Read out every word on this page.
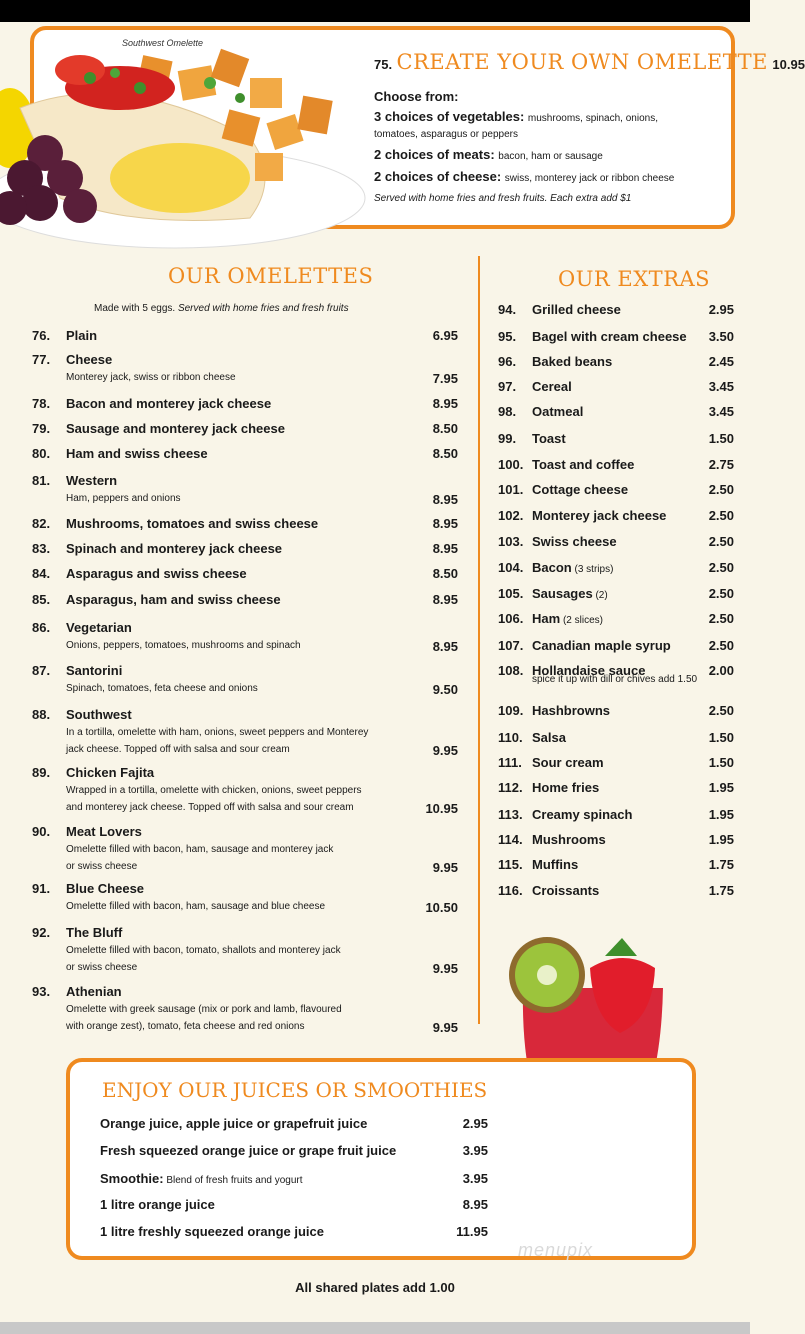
Southwest Omelette
75. CREATE YOUR OWN OMELETTE 10.95
Choose from:
3 choices of vegetables: mushrooms, spinach, onions,
tomatoes, asparagus or peppers
2 choices of meats: bacon, ham or sausage
2 choices of cheese: swiss, monterey jack or ribbon cheese
Served with home fries and fresh fruits. Each extra add $1
OUR OMELETTES
Made with 5 eggs. Served with home fries and fresh fruits
OUR EXTRAS
76. Plain	6.95
77. Cheese
Monterey jack, swiss or ribbon cheese	7.95
78. Bacon and monterey jack cheese	8.95
79. Sausage and monterey jack cheese	8.50
80. Ham and swiss cheese	8.50
81. Western
Ham, peppers and onions	8.95
82. Mushrooms, tomatoes and swiss cheese	8.95
83. Spinach and monterey jack cheese	8.95
84. Asparagus and swiss cheese	8.50
85. Asparagus, ham and swiss cheese	8.95
86. Vegetarian
Onions, peppers, tomatoes, mushrooms and spinach	8.95
87. Santorini
Spinach, tomatoes, feta cheese and onions	9.50
88. Southwest
In a tortilla, omelette with ham, onions, sweet peppers and Monterey
jack cheese. Topped off with salsa and sour cream	9.95
89. Chicken Fajita
Wrapped in a tortilla, omelette with chicken, onions, sweet peppers
and monterey jack cheese. Topped off with salsa and sour cream	10.95
90. Meat Lovers
Omelette filled with bacon, ham, sausage and monterey jack
or swiss cheese	9.95
91. Blue Cheese
Omelette filled with bacon, ham, sausage and blue cheese	10.50
92. The Bluff
Omelette filled with bacon, tomato, shallots and monterey jack
or swiss cheese	9.95
93. Athenian
Omelette with greek sausage (mix or pork and lamb, flavoured
with orange zest), tomato, feta cheese and red onions	9.95
94. Grilled cheese	2.95
95. Bagel with cream cheese 3.50
96. Baked beans	2.45
97. Cereal	3.45
98. Oatmeal	3.45
99. Toast	1.50
100. Toast and coffee	2.75
101. Cottage cheese	2.50
102. Monterey jack cheese	2.50
103. Swiss cheese	2.50
104. Bacon (3 strips)	2.50
105. Sausages (2)	2.50
106. Ham (2 slices)	2.50
107. Canadian maple syrup	2.50
108. Hollandaise sauce
spice it up with dill or chives add 1.50
2.00
109. Hashbrowns	2.50
110. Salsa	1.50
111. Sour cream	1.50
112. Home fries	1.95
113. Creamy spinach	1.95
114. Mushrooms	1.95
115. Muffins	1.75
116. Croissants	1.75
ENJOY OUR JUICES OR SMOOTHIES
Orange juice, apple juice or grapefruit juice	2.95
Fresh squeezed orange juice or grape fruit juice	3.95
Smoothie: Blend of fresh fruits and yogurt	3.95
1 litre orange juice	8.95
1 litre freshly squeezed orange juice	11.95
menupix
All shared plates add 1.00
